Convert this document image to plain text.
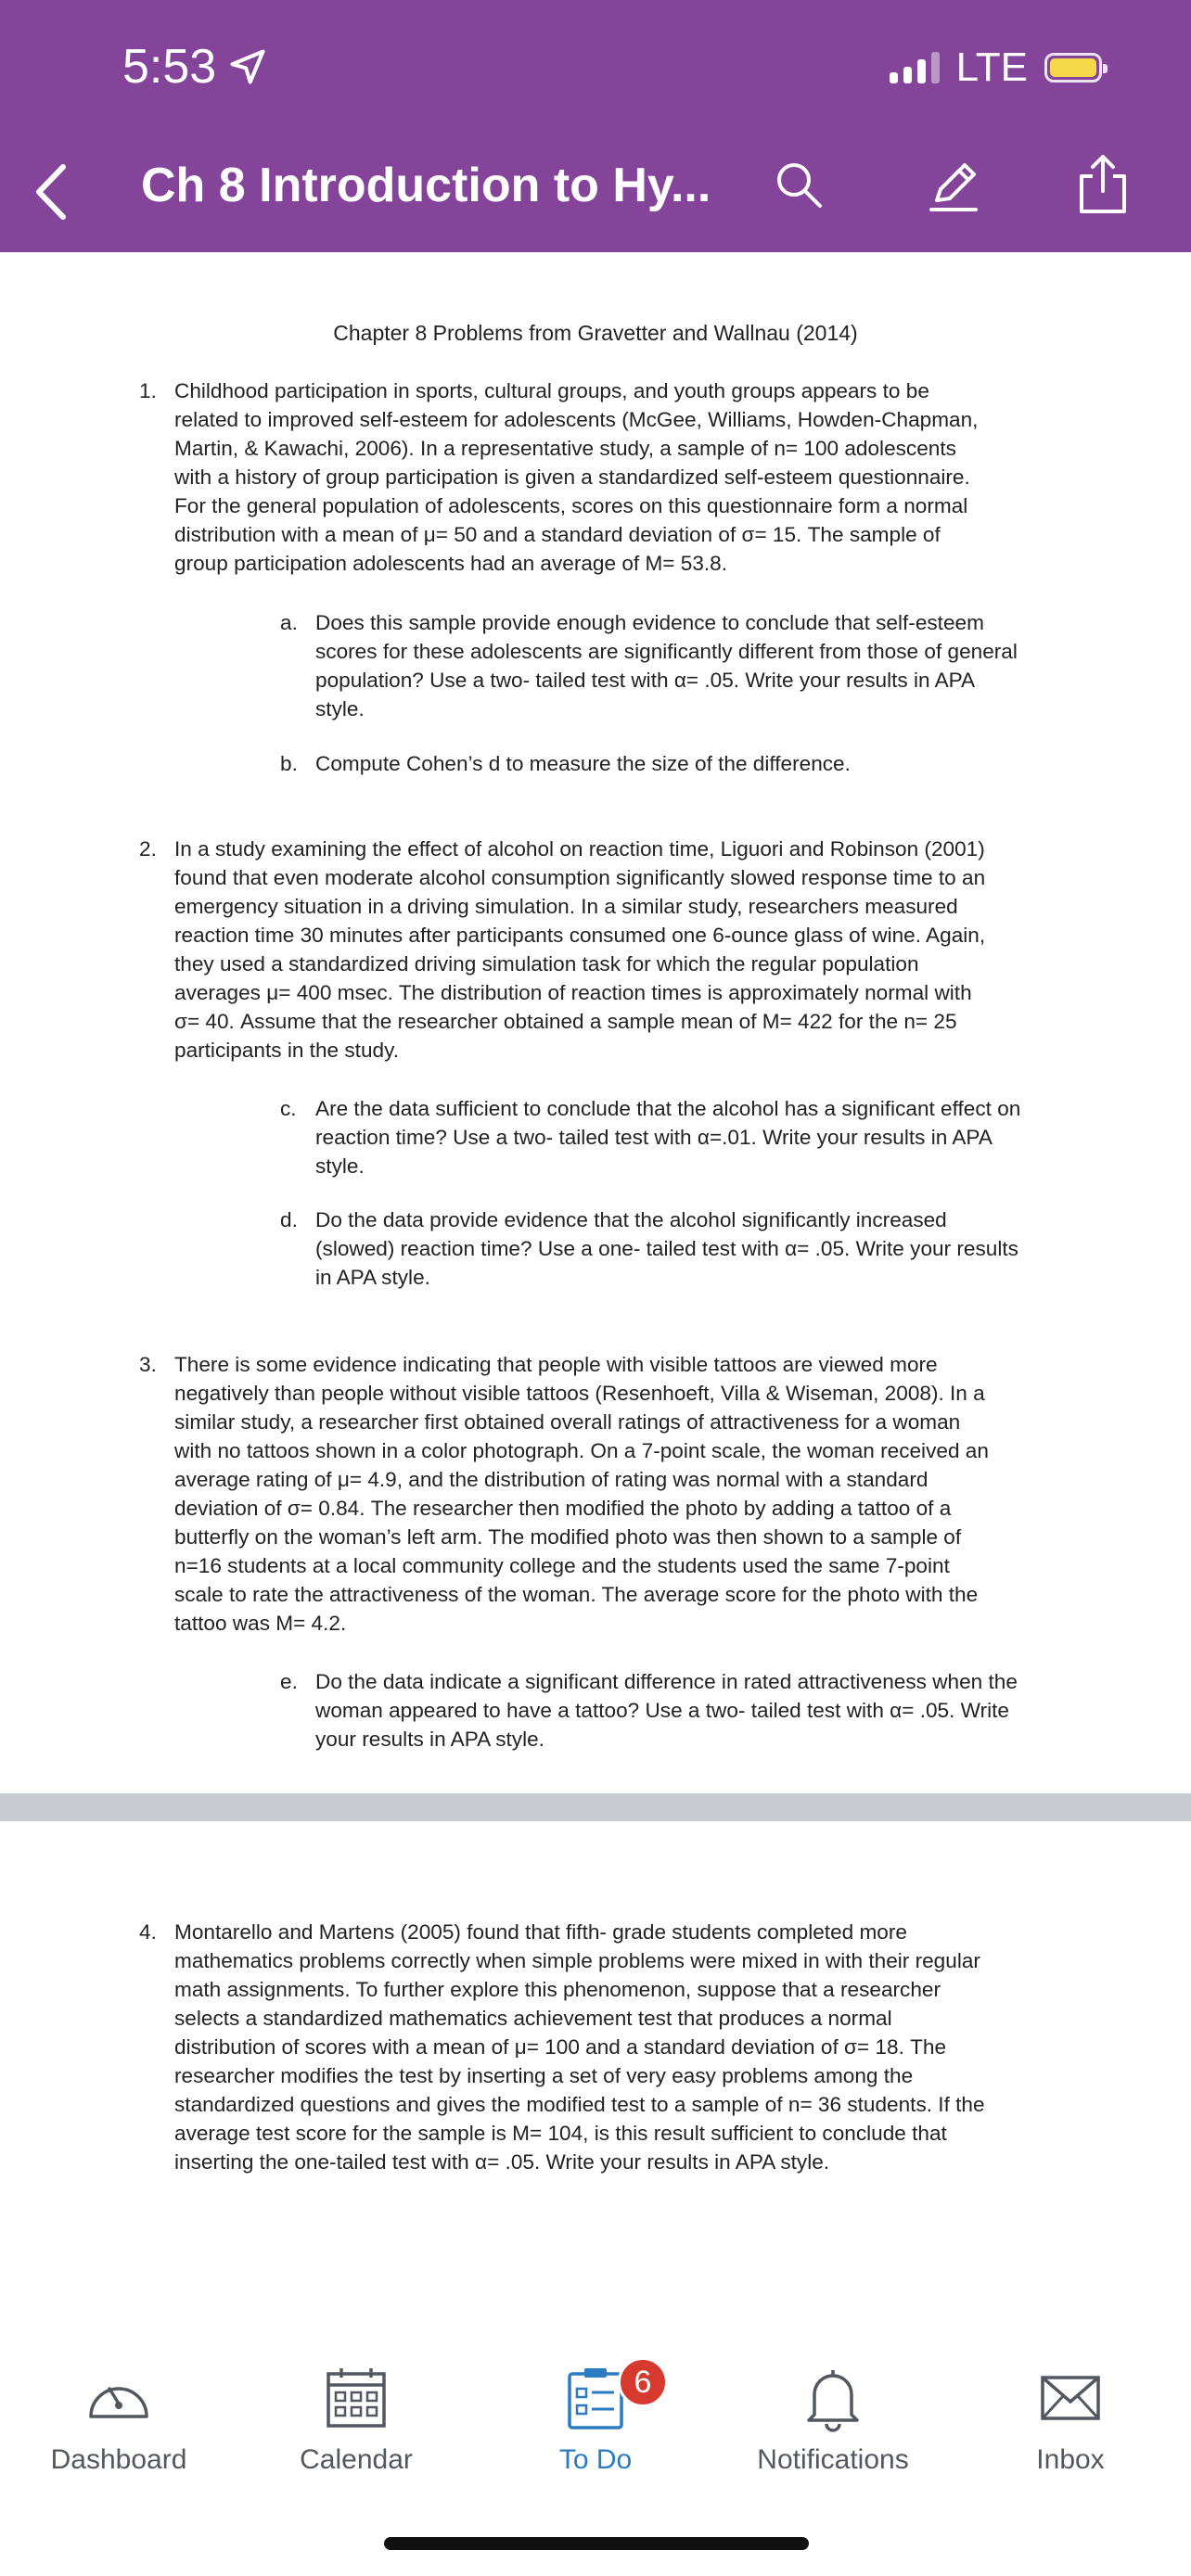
5:53	LTE
Ch 8 Introduction to Hy...
Chapter 8 Problems from Gravetter and Wallnau (2014)
1. Childhood participation in sports, cultural groups, and youth groups appears to be
related to improved self-esteem for adolescents (McGee, Williams, Howden-Chapman,
Martin, & Kawachi, 2006). In a representative study, a sample of n= 100 adolescents
with a history of group participation is given a standardized self-esteem questionnaire.
For the general population of adolescents, scores on this questionnaire form a normal
distribution with a mean of μ= 50 and a standard deviation of σ= 15. The sample of
group participation adolescents had an average of M= 53.8.
a. Does this sample provide enough evidence to conclude that self-esteem
scores for these adolescents are significantly different from those of general
population? Use a two- tailed test with α= .05. Write your results in APA
style.
b. Compute Cohen’s d to measure the size of the difference.
2. In a study examining the effect of alcohol on reaction time, Liguori and Robinson (2001)
found that even moderate alcohol consumption significantly slowed response time to an
emergency situation in a driving simulation. In a similar study, researchers measured
reaction time 30 minutes after participants consumed one 6-ounce glass of wine. Again,
they used a standardized driving simulation task for which the regular population
averages μ= 400 msec. The distribution of reaction times is approximately normal with
σ= 40. Assume that the researcher obtained a sample mean of M= 422 for the n= 25
participants in the study.
c. Are the data sufficient to conclude that the alcohol has a significant effect on
reaction time? Use a two- tailed test with α=.01. Write your results in APA
style.
d. Do the data provide evidence that the alcohol significantly increased
(slowed) reaction time? Use a one- tailed test with α= .05. Write your results
in APA style.
3. There is some evidence indicating that people with visible tattoos are viewed more
negatively than people without visible tattoos (Resenhoeft, Villa & Wiseman, 2008). In a
similar study, a researcher first obtained overall ratings of attractiveness for a woman
with no tattoos shown in a color photograph. On a 7-point scale, the woman received an
average rating of μ= 4.9, and the distribution of rating was normal with a standard
deviation of σ= 0.84. The researcher then modified the photo by adding a tattoo of a
butterfly on the woman’s left arm. The modified photo was then shown to a sample of
n=16 students at a local community college and the students used the same 7-point
scale to rate the attractiveness of the woman. The average score for the photo with the
tattoo was M= 4.2.
e. Do the data indicate a significant difference in rated attractiveness when the
woman appeared to have a tattoo? Use a two- tailed test with α= .05. Write
your results in APA style.
4. Montarello and Martens (2005) found that fifth- grade students completed more
mathematics problems correctly when simple problems were mixed in with their regular
math assignments. To further explore this phenomenon, suppose that a researcher
selects a standardized mathematics achievement test that produces a normal
distribution of scores with a mean of μ= 100 and a standard deviation of σ= 18. The
researcher modifies the test by inserting a set of very easy problems among the
standardized questions and gives the modified test to a sample of n= 36 students. If the
average test score for the sample is M= 104, is this result sufficient to conclude that
inserting the one-tailed test with α= .05. Write your results in APA style.
Dashboard	Calendar	To Do
6
Notifications	Inbox
